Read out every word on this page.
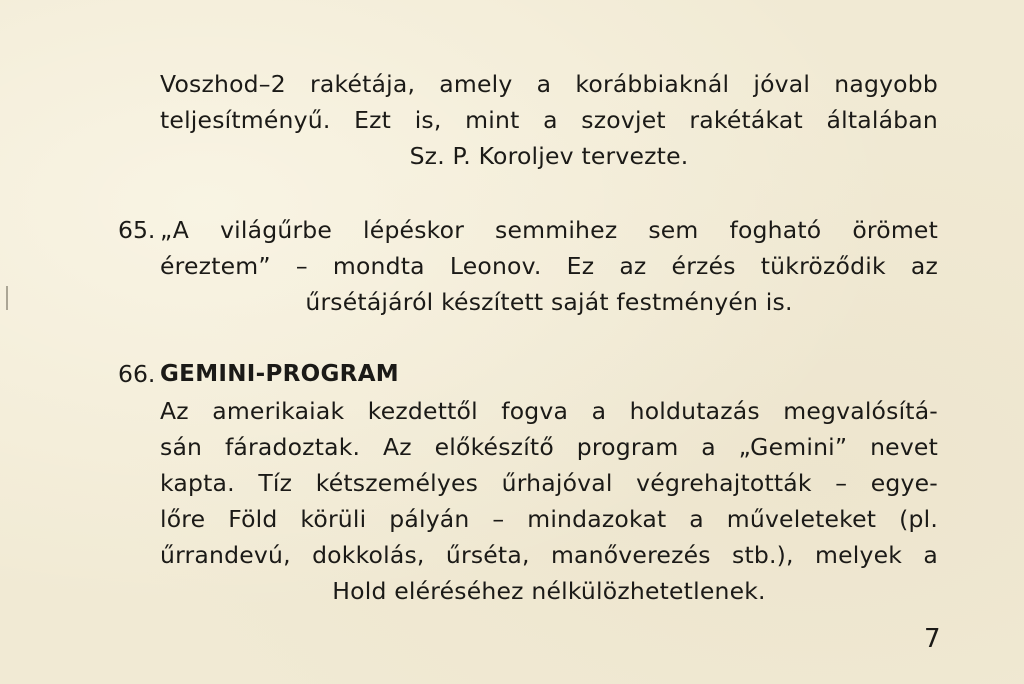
Voszhod–2 rakétája, amely a korábbiaknál jóval nagyobb
teljesítményű. Ezt is, mint a szovjet rakétákat általában
Sz. P. Koroljev tervezte.
65. „A világűrbe lépéskor semmihez sem fogható örömet
éreztem” – mondta Leonov. Ez az érzés tükröződik az
űrsétájáról készített saját festményén is.
66. GEMINI-PROGRAM
Az amerikaiak kezdettől fogva a holdutazás megvalósítá-
sán fáradoztak. Az előkészítő program a „Gemini” nevet
kapta. Tíz kétszemélyes űrhajóval végrehajtották – egye-
lőre Föld körüli pályán – mindazokat a műveleteket (pl.
űrrandevú, dokkolás, űrséta, manőverezés stb.), melyek a
Hold eléréséhez nélkülözhetetlenek.
7
